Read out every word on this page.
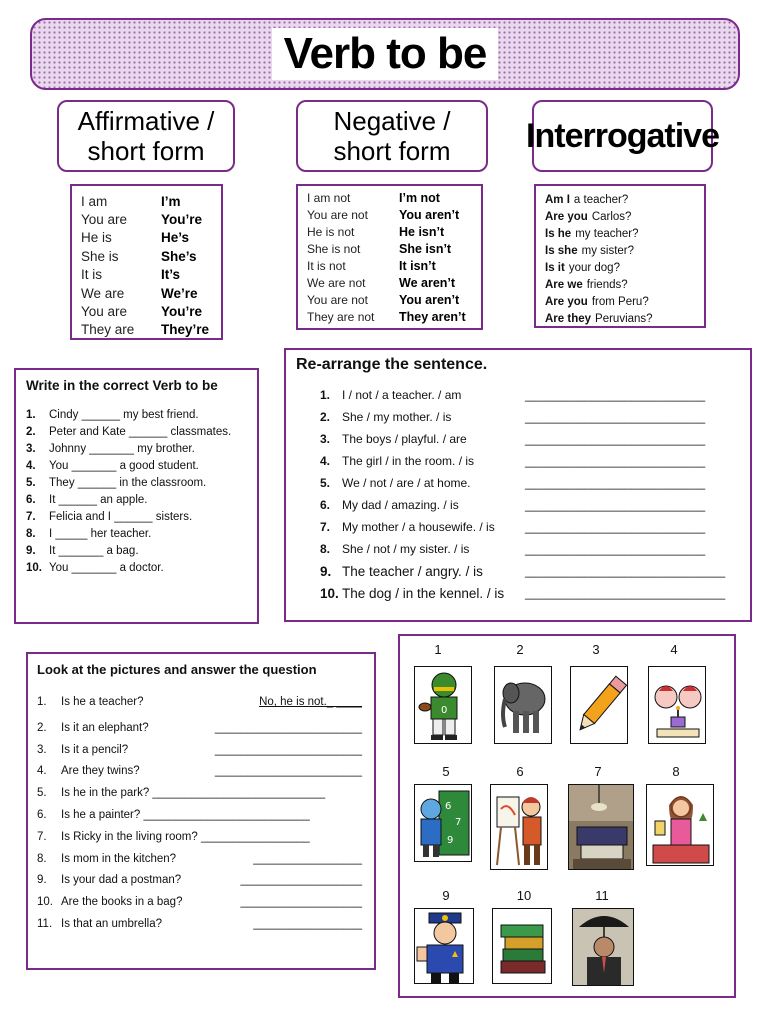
Verb to be
Affirmative /
short form
Negative /
short form Interrogative
I am	I’m
You are	You’re
He is	He’s
She is	She’s
It is	It’s
We are	We’re
You are	You’re
They are	They’re
I am not	I’m not
You are not	You aren’t
He is not	He isn’t
She is not	She isn’t
It is not	It isn’t
We are not	We aren’t
You are not	You aren’t
They are not	They aren’t
Am I a teacher?
Are you Carlos?
Is he my teacher?
Is she my sister?
Is it your dog?
Are we friends?
Are you from Peru?
Are they Peruvians?
Write in the correct Verb to be
1.	Cindy ______ my best friend.
2.	Peter and Kate ______ classmates.
3.	Johnny _______ my brother.
4.	You _______ a good student.
5.	They ______ in the classroom.
6.	It ______ an apple.
7.	Felicia and I ______ sisters.
8.	I _____ her teacher.
9.	It _______ a bag.
10. You _______ a doctor.
Re-arrange the sentence.
1. I / not / a teacher. / am	___________________________
2. She / my mother. / is	___________________________
3. The boys / playful. / are	___________________________
4. The girl / in the room. / is	___________________________
5. We / not / are / at home.	___________________________
6. My dad / amazing. / is	___________________________
7. My mother / a housewife. / is	___________________________
8. She / not / my sister. / is	___________________________
9. The teacher / angry. / is	______________________________
10. The dog / in the kennel. / is	______________________________
Look at the pictures and answer the question
1.	Is he a teacher?	No, he is not._ ____
2.	Is it an elephant?	_______________________
3.	Is it a pencil?	_______________________
4.	Are they twins?	_______________________
5.	Is he in the park? ___________________________
6.	Is he a painter? __________________________
7.	Is Ricky in the living room? _________________
8.	Is mom in the kitchen?	_________________
9.	Is your dad a postman?	___________________
10. Are the books in a bag?	___________________
11. Is that an umbrella?	_________________
1	2	3	4
0
5	6	7	8
6
7
9
9	10	11
